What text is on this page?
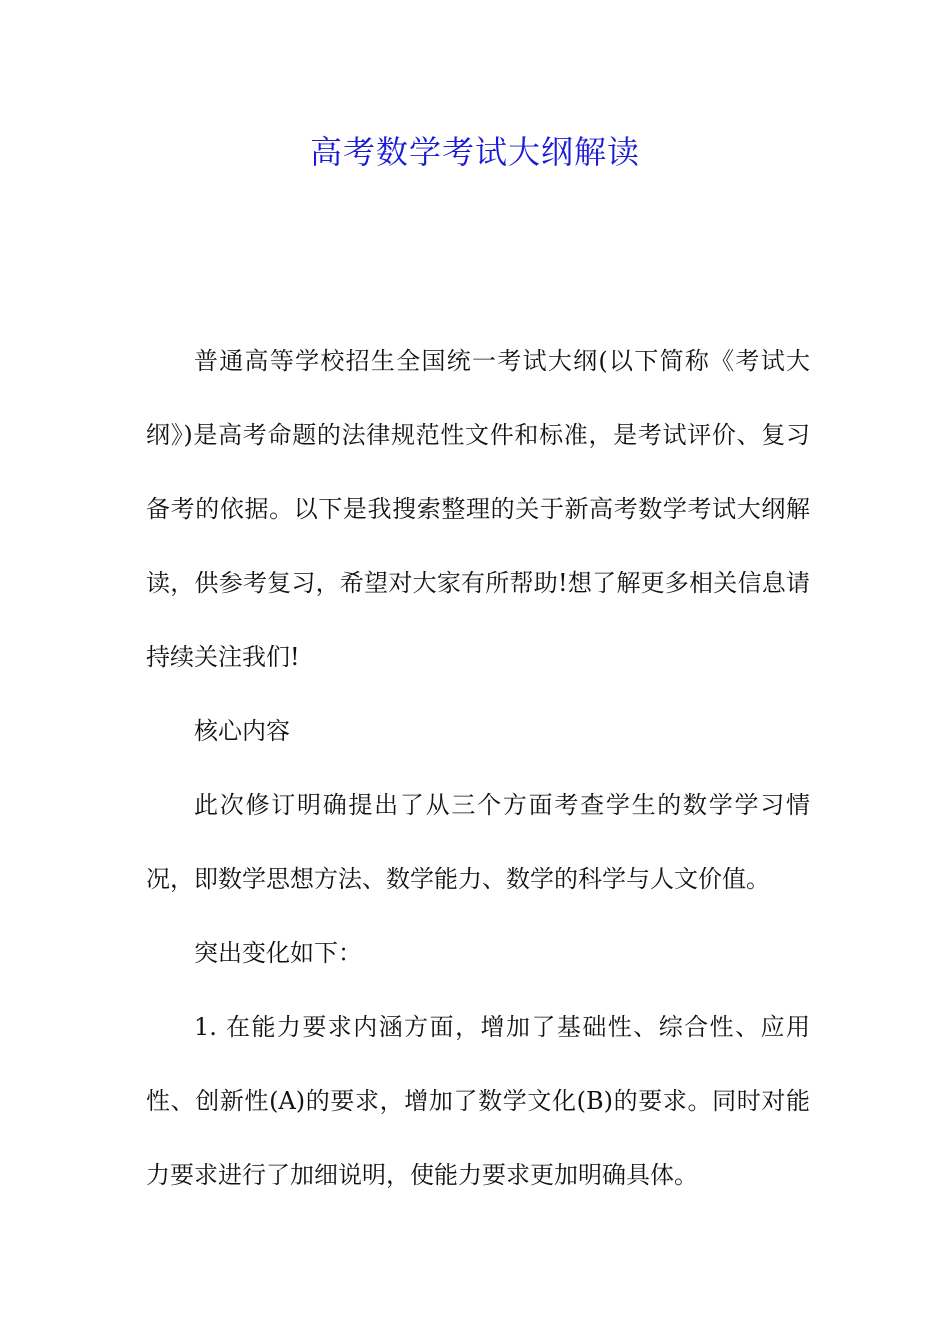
高考数学考试大纲解读

普通高等学校招生全国统一考试大纲(以下简称《考试大纲》)是高考命题的法律规范性文件和标准，是考试评价、复习备考的依据。以下是我搜索整理的关于新高考数学考试大纲解读，供参考复习，希望对大家有所帮助!想了解更多相关信息请持续关注我们!

核心内容

此次修订明确提出了从三个方面考查学生的数学学习情况，即数学思想方法、数学能力、数学的科学与人文价值。

突出变化如下：

1. 在能力要求内涵方面，增加了基础性、综合性、应用性、创新性(A)的要求，增加了数学文化(B)的要求。同时对能力要求进行了加细说明，使能力要求更加明确具体。
